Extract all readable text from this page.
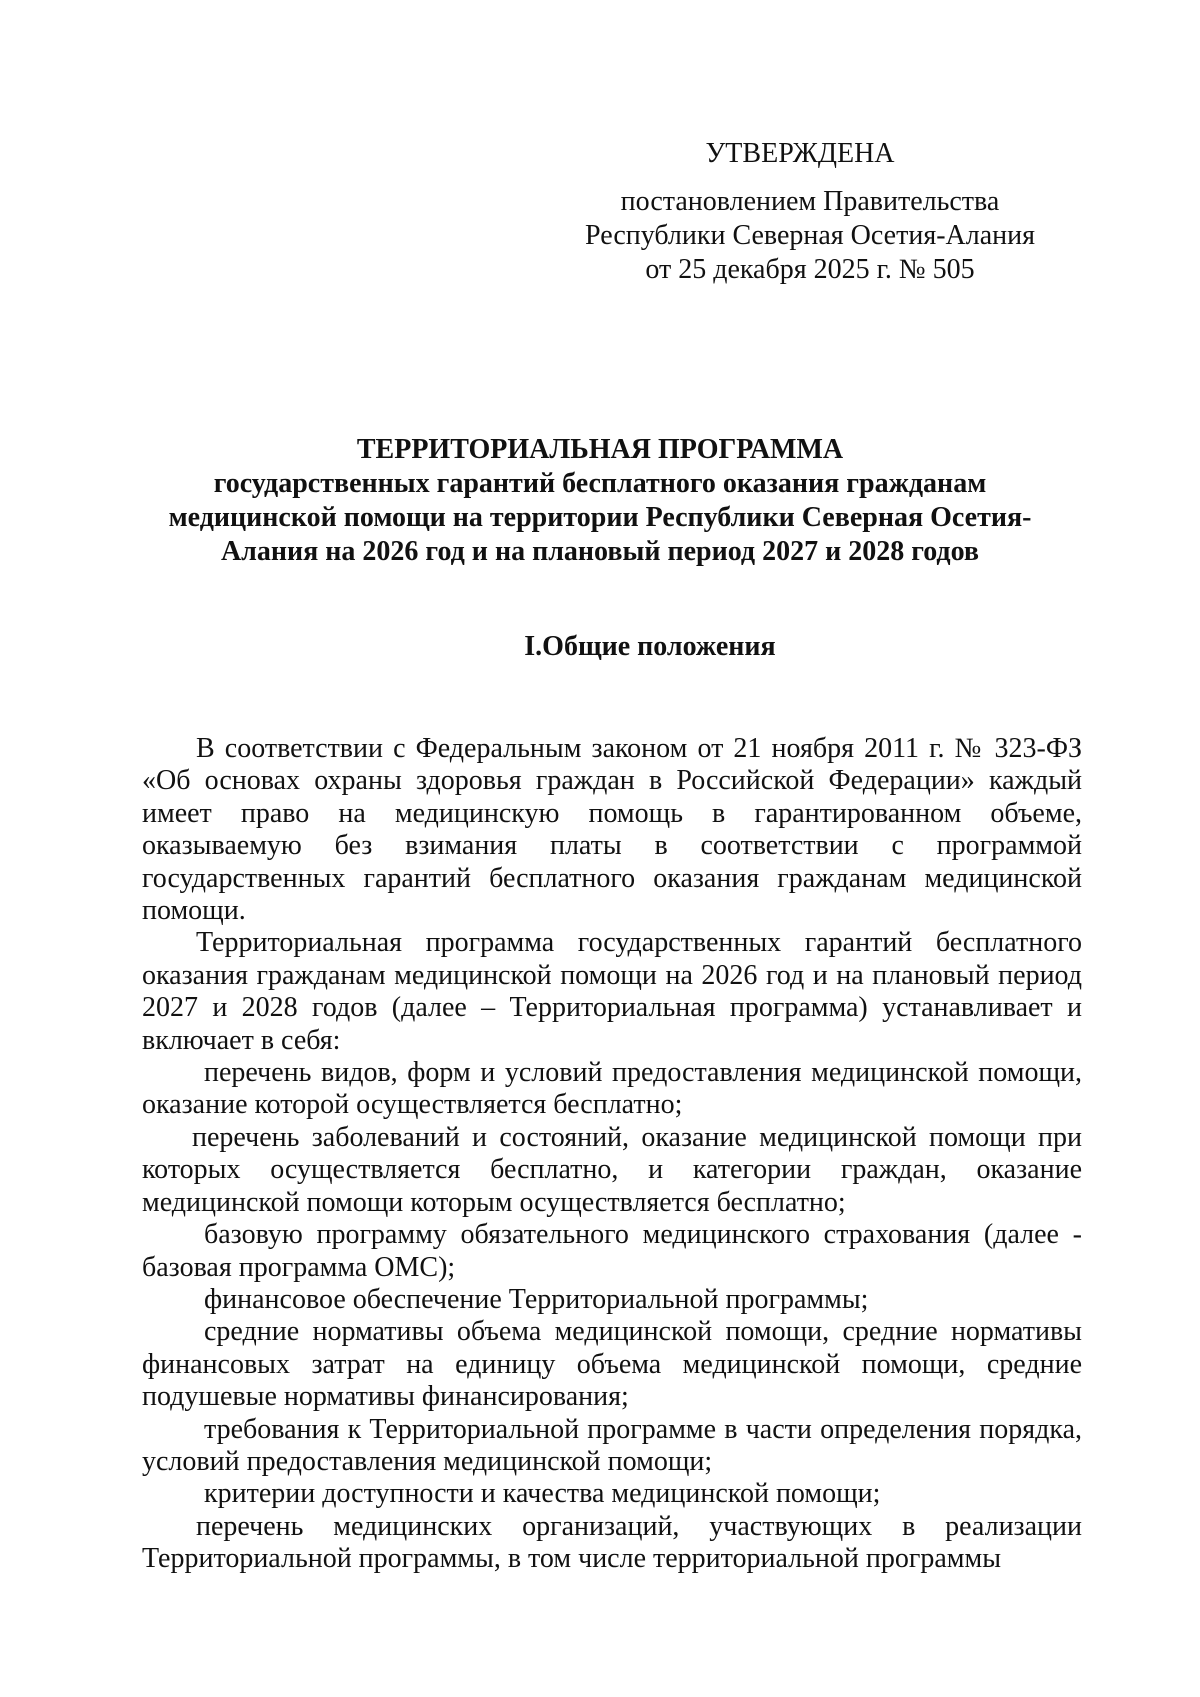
УТВЕРЖДЕНА
постановлением Правительства
Республики Северная Осетия-Алания
от 25 декабря 2025 г. № 505
ТЕРРИТОРИАЛЬНАЯ ПРОГРАММА
государственных гарантий бесплатного оказания гражданам
медицинской помощи на территории Республики Северная Осетия-
Алания на 2026 год и на плановый период 2027 и 2028 годов
I.Общие положения

В соответствии с Федеральным законом от 21 ноября 2011 г. № 323-ФЗ «Об основах охраны здоровья граждан в Российской Федерации» каждый имеет право на медицинскую помощь в гарантированном объеме, оказываемую без взимания платы в соответствии с программой государственных гарантий бесплатного оказания гражданам медицинской помощи.

Территориальная программа государственных гарантий бесплатного оказания гражданам медицинской помощи на 2026 год и на плановый период 2027 и 2028 годов (далее – Территориальная программа) устанавливает и включает в себя:

перечень видов, форм и условий предоставления медицинской помощи, оказание которой осуществляется бесплатно;

перечень заболеваний и состояний, оказание медицинской помощи при которых осуществляется бесплатно, и категории граждан, оказание медицинской помощи которым осуществляется бесплатно;

базовую программу обязательного медицинского страхования (далее - базовая программа ОМС);

финансовое обеспечение Территориальной программы;

средние нормативы объема медицинской помощи, средние нормативы финансовых затрат на единицу объема медицинской помощи, средние подушевые нормативы финансирования;

требования к Территориальной программе в части определения порядка, условий предоставления медицинской помощи;

критерии доступности и качества медицинской помощи;

перечень медицинских организаций, участвующих в реализации Территориальной программы, в том числе территориальной программы
